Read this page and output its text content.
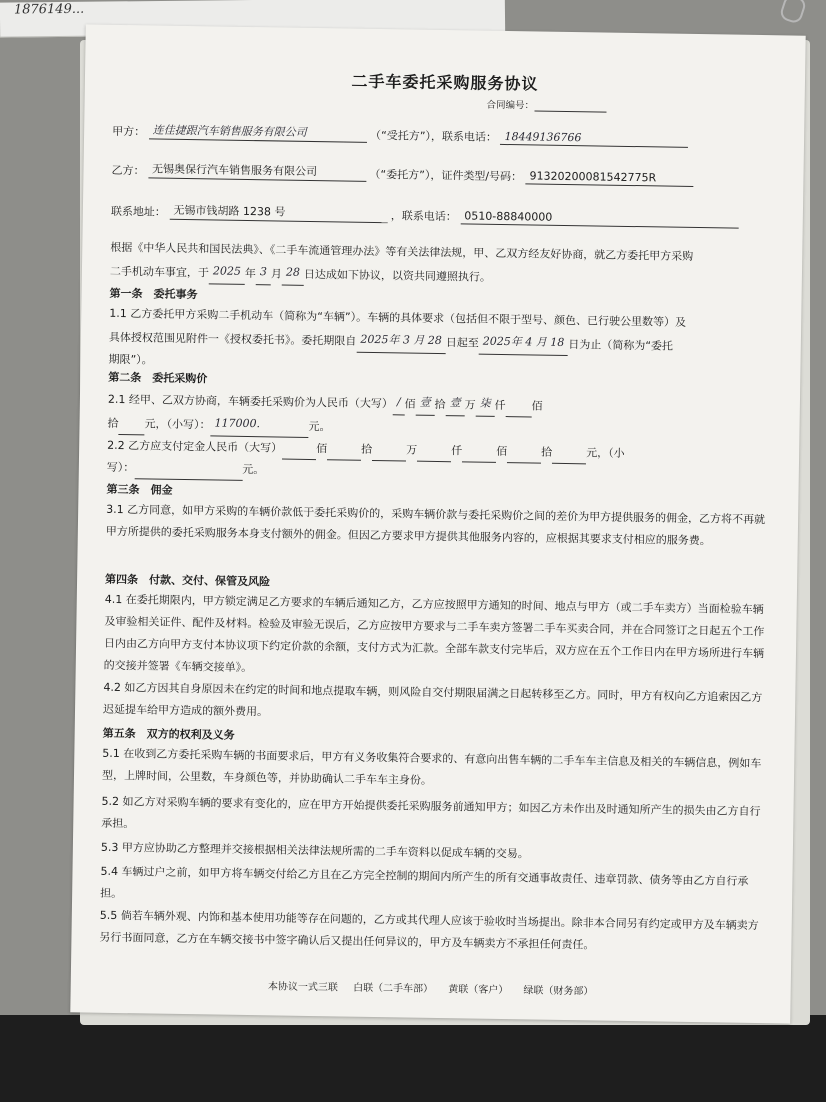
1876149...
二手车委托采购服务协议
合同编号：
甲方： 连佳捷跟汽车销售服务有限公司	（“受托方”），联系电话： 18449136766
乙方： 无锡奥保行汽车销售服务有限公司	（“委托方”），证件类型/号码： 91320200081542775R
联系地址： 无锡市钱胡路 1238 号	，联系电话： 0510-88840000
根据《中华人民共和国民法典》、《二手车流通管理办法》等有关法律法规，甲、乙双方经友好协商，就乙方委托甲方采购
二手机动车事宜，于 2025 年 3 月 28 日达成如下协议，以资共同遵照执行。
第一条　委托事务
1.1 乙方委托甲方采购二手机动车（简称为“车辆”）。车辆的具体要求（包括但不限于型号、颜色、已行驶公里数等）及
具体授权范围见附件一《授权委托书》。委托期限自 2025年 3 月 28 日起至 2025年 4 月 18 日为止（简称为“委托
期限”）。
第二条　委托采购价
2.1 经甲、乙双方协商，车辆委托采购价为人民币（大写） / 佰 壹 拾 壹 万 柒 仟 佰
拾 元，（小写）： 117000.	元。
2.2 乙方应支付定金人民币（大写）	佰	拾	万	仟	佰	拾	元，（小
写）：	元。
第三条　佣金
3.1 乙方同意，如甲方采购的车辆价款低于委托采购价的，采购车辆价款与委托采购价之间的差价为甲方提供服务的佣金，乙方将不再就甲方所提供的委托采购服务本身支付额外的佣金。但因乙方要求甲方提供其他服务内容的，应根据其要求支付相应的服务费。
第四条　付款、交付、保管及风险
4.1 在委托期限内，甲方锁定满足乙方要求的车辆后通知乙方，乙方应按照甲方通知的时间、地点与甲方（或二手车卖方）当面检验车辆及审验相关证件、配件及材料。检验及审验无误后，乙方应按甲方要求与二手车卖方签署二手车买卖合同，并在合同签订之日起五个工作日内由乙方向甲方支付本协议项下约定价款的余额，支付方式为汇款。全部车款支付完毕后，双方应在五个工作日内在甲方场所进行车辆的交接并签署《车辆交接单》。
4.2 如乙方因其自身原因未在约定的时间和地点提取车辆，则风险自交付期限届满之日起转移至乙方。同时，甲方有权向乙方追索因乙方迟延提车给甲方造成的额外费用。
第五条　双方的权利及义务
5.1 在收到乙方委托采购车辆的书面要求后，甲方有义务收集符合要求的、有意向出售车辆的二手车车主信息及相关的车辆信息，例如车型，上牌时间，公里数，车身颜色等，并协助确认二手车车主身份。
5.2 如乙方对采购车辆的要求有变化的，应在甲方开始提供委托采购服务前通知甲方；如因乙方未作出及时通知所产生的损失由乙方自行承担。
5.3 甲方应协助乙方整理并交接根据相关法律法规所需的二手车资料以促成车辆的交易。
5.4 车辆过户之前，如甲方将车辆交付给乙方且在乙方完全控制的期间内所产生的所有交通事故责任、违章罚款、债务等由乙方自行承担。
5.5 倘若车辆外观、内饰和基本使用功能等存在问题的，乙方或其代理人应该于验收时当场提出。除非本合同另有约定或甲方及车辆卖方另行书面同意，乙方在车辆交接书中签字确认后又提出任何异议的，甲方及车辆卖方不承担任何责任。
本协议一式三联 白联（二手车部） 黄联（客户） 绿联（财务部）
